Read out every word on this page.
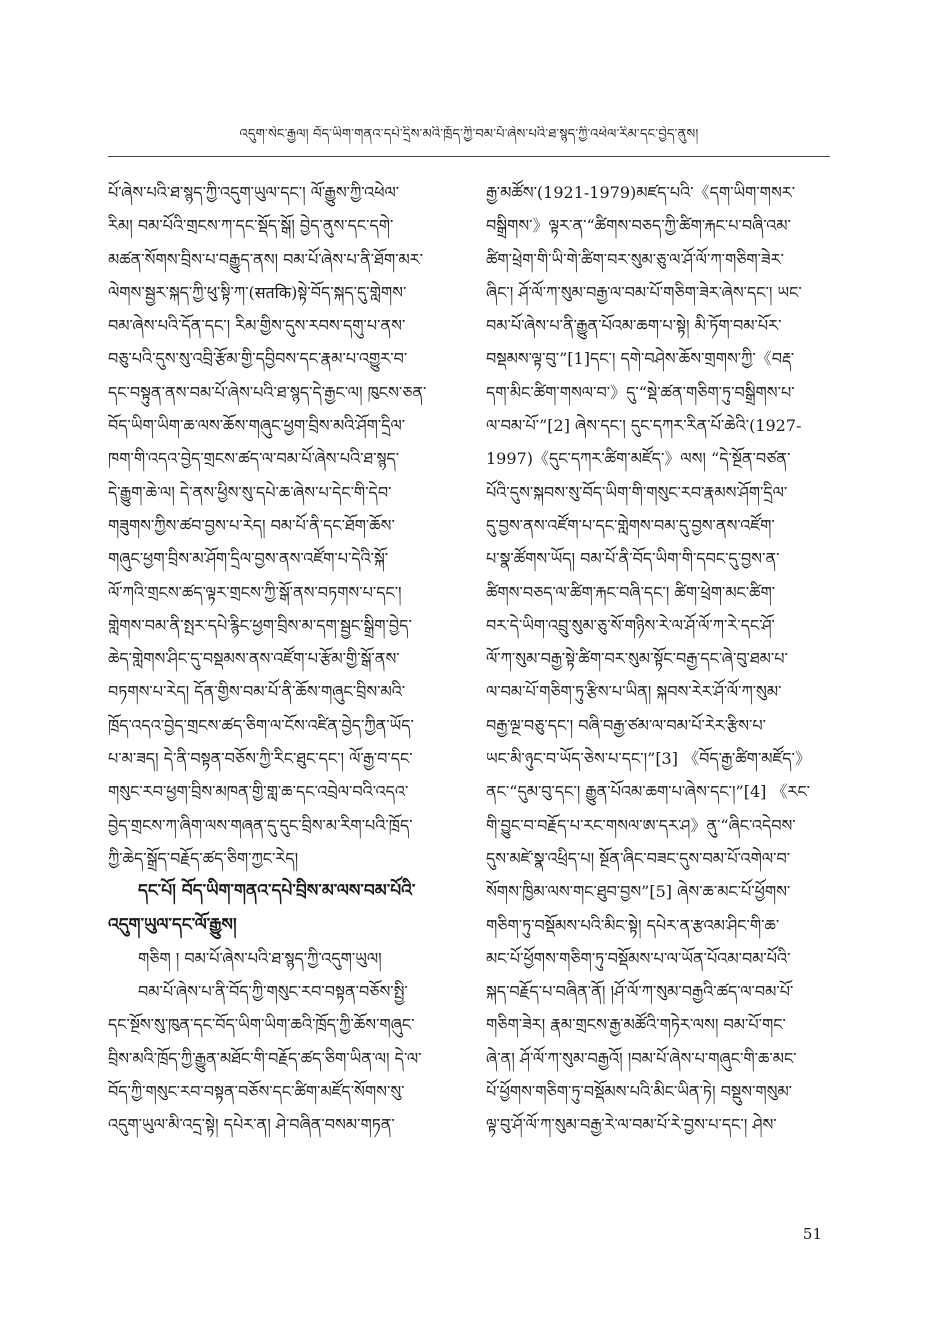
འདུག་སེང་རྒྱལ། བོད་ཡིག་གནའ་དཔེ་དྲིས་མའི་ཁྲོད་ཀྱི་བམ་པོ་ཞེས་པའི་ཐ་སྙད་ཀྱི་འཕེལ་རིམ་དང་བྱེད་ནུས།
པོ་ཞེས་པའི་ཐ་སྙད་ཀྱི་འདུག་ཡུལ་དང་། ལོ་རྒྱུས་ཀྱི་འཕེལ་
རིམ། བམ་པོའི་གྲངས་ཀ་དང་སྡོད་སྒོ། བྱེད་ནུས་དང་དགེ་
མཚན་སོགས་བྲིས་པ་བརྒྱུད་ནས། བམ་པོ་ཞེས་པ་ནི་ཐོག་མར་
ལེགས་སྦྱར་སྐད་ཀྱི་ཕུ་སྟི་ཀ་(सतकि)སྟེ་བོད་སྐད་དུ་གླེགས་
བམ་ཞེས་པའི་དོན་དང་། རིམ་གྱིས་དུས་རབས་དགུ་པ་ནས་
བཅུ་པའི་དུས་སུ་འབྲི་རྩོམ་གྱི་དབྱིབས་དང་རྣམ་པ་འགྱུར་བ་
དང་བསྟུན་ནས་བམ་པོ་ཞེས་པའི་ཐ་སྙད་དེ་རྒྱང་ལ། ཁུངས་ཅན་
བོད་ཡིག་ཡིག་ཆ་ལས་ཆོས་གཞུང་ཕྱག་བྲིས་མའི་ཤོག་དྲིལ་
ཁག་གི་འདའ་བྱེད་གྲངས་ཚད་ལ་བམ་པོ་ཞེས་པའི་ཐ་སྙད་
དེ་རྒྱུག་ཆེ་ལ། དེ་ནས་ཕྱིས་སུ་དཔེ་ཆ་ཞེས་པ་དེང་གི་དེབ་
གཟུགས་ཀྱིས་ཚབ་བྱས་པ་རེད། བམ་པོ་ནི་དང་ཐོག་ཆོས་
གཞུང་ཕྱག་བྲིས་མ་ཤོག་དྲིལ་བྱས་ནས་འཛོག་པ་དེའི་སྐོ་
ལོ་ཀའི་གྲངས་ཚད་ལྟར་གྲངས་ཀྱི་སྒོ་ནས་བཏགས་པ་དང་།
གླེགས་བམ་ནི་སྤར་དཔེ་རྙིང་ཕྱག་བྲིས་མ་དག་སྦྱང་སྒྲིག་བྱེད་
ཆེད་གླེགས་ཤིང་དུ་བསྡམས་ནས་འཛོག་པ་རྩོམ་གྱི་སྒོ་ནས་
བཏགས་པ་རེད། དོན་གྱིས་བམ་པོ་ནི་ཆོས་གཞུང་བྲིས་མའི་
ཁྲོད་འདའ་བྱེད་གྲངས་ཚད་ཅིག་ལ་ངོས་འཛིན་བྱེད་ཀྱིན་ཡོད་
པ་མ་ཟད། དེ་ནི་བསྟན་བཅོས་ཀྱི་རིང་ཐུང་དང་། ལོ་རྒྱ་བ་དང་
གསུང་རབ་ཕྱག་བྲིས་མཁན་གྱི་གླ་ཆ་དང་འབྲེལ་བའི་འདའ་
བྱེད་གྲངས་ཀ་ཞིག་ལས་གཞན་དུ་དུང་བྲིས་མ་རིག་པའི་ཁྲོད་
ཀྱི་ཆེད་སྒྲོད་བརྗོད་ཚད་ཅིག་ཀྱང་རེད།
དང་པོ། བོད་ཡིག་གནའ་དཔེ་བྲིས་མ་ལས་བམ་པོའི་
འདུག་ཡུལ་དང་ལོ་རྒྱུས།
གཅིག ། བམ་པོ་ཞེས་པའི་ཐ་སྙད་ཀྱི་འདུག་ཡུལ།
བམ་པོ་ཞེས་པ་ནི་བོད་ཀྱི་གསུང་རབ་བསྟན་བཅོས་སྤྱི་
དང་སྔོས་སུ་ཁུན་དང་བོད་ཡིག་ཡིག་ཆའི་ཁྲོད་ཀྱི་ཆོས་གཞུང་
བྲིས་མའི་ཁྲོད་ཀྱི་རྒྱུན་མཐོང་གི་བརྗོད་ཚད་ཅིག་ཡིན་ལ། དེ་ལ་
བོད་ཀྱི་གསུང་རབ་བསྟན་བཅོས་དང་ཚིག་མཛོད་སོགས་སུ་
འདུག་ཡུལ་མི་འདྲ་སྟེ། དཔེར་ན། ཤེ་བཞིན་བསམ་གཏན་
རྒྱ་མཚོས་(1921-1979)མཛད་པའི་《དག་ཡིག་གསར་
བསྒྲིགས་》ལྟར་ན་“ཚིགས་བཅད་ཀྱི་ཚིག་རྐང་པ་བཞི་འམ་
ཚིག་ཕྲེག་གི་ཡི་གེ་ཚིག་བར་སུམ་ཅུ་ལ་ཤོ་ལོ་ཀ་གཅིག་ཟེར་
ཞིང་། ཤོ་ལོ་ཀ་སུམ་བརྒྱ་ལ་བམ་པོ་གཅིག་ཟེར་ཞེས་དང་། ཡང་
བམ་པོ་ཞེས་པ་ནི་རྒྱུན་པོའམ་ཆག་པ་སྟེ། མི་ཏོག་བམ་པོར་
བསྡམས་ལྟ་བུ་”[1]དང་། དགེ་བཤེས་ཆོས་གྲགས་ཀྱི་《བརྡ་
དག་མིང་ཚིག་གསལ་བ་》དུ་“སྡེ་ཚན་གཅིག་ཏུ་བསྒྲིགས་པ་
ལ་བམ་པོ་”[2] ཞེས་དང་། དུང་དཀར་རིན་པོ་ཆེའི་(1927-
1997)《དུང་དཀར་ཚིག་མཛོད་》ལས། “དེ་སྔོན་བཙན་
པོའི་དུས་སྐབས་སུ་བོད་ཡིག་གི་གསུང་རབ་རྣམས་ཤོག་དྲིལ་
དུ་བྱས་ནས་འཛོག་པ་དང་གླེགས་བམ་དུ་བྱས་ནས་འཛོག་
པ་སྣ་ཚོགས་ཡོད། བམ་པོ་ནི་བོད་ཡིག་གི་དབང་དུ་བྱས་ན་
ཚིགས་བཅད་ལ་ཚིག་རྐང་བཞི་དང་། ཚིག་ཕྲེག་མང་ཚིག་
བར་དེ་ཡིག་འབྲུ་སུམ་ཅུ་སོ་གཉིས་རེ་ལ་ཤོ་ལོ་ཀ་རེ་དང་ཤོ་
ལོ་ཀ་སུམ་བརྒྱ་སྟེ་ཚིག་བར་སུམ་སྟོང་བརྒྱ་དང་ཞེ་བུ་ཐམ་པ་
ལ་བམ་པོ་གཅིག་ཏུ་རྩིས་པ་ཡིན། སྐབས་རེར་ཤོ་ལོ་ཀ་སུམ་
བརྒྱ་ལྔ་བཅུ་དང་། བཞི་བརྒྱ་ཙམ་ལ་བམ་པོ་རེར་རྩིས་པ་
ཡང་མི་ཉུང་བ་ཡོད་ཅེས་པ་དང་།”[3] 《བོད་རྒྱ་ཚིག་མཛོད་》
ནང་“དུམ་བུ་དང་། རྒྱུན་པོའམ་ཆག་པ་ཞེས་དང་།”[4] 《རང་
གི་བྱུང་བ་བརྗོད་པ་རང་གསལ་ཨ་དར་ཤ》ནུ་“ཞིང་འདེབས་
དུས་མཛེ་སྣ་འཕྲིད་པ། སྔོན་ཞིང་བཟང་དུས་བམ་པོ་འགེལ་བ་
སོགས་ཁྱིམ་ལས་གང་ཐུབ་བྱས”[5] ཞེས་ཆ་མང་པོ་ཕྱོགས་
གཅིག་ཏུ་བསྡོམས་པའི་མིང་སྟེ། དཔེར་ན་རྩའམ་ཤིང་གི་ཆ་
མང་པོ་ཕྱོགས་གཅིག་ཏུ་བསྡོམས་པ་ལ་ཡོན་པོའམ་བམ་པོའི་
སྐད་བརྗོད་པ་བཞིན་ནོ། །ཤོ་ལོ་ཀ་སུམ་བརྒྱའི་ཚད་ལ་བམ་པོ་
གཅིག་ཟེར། རྣམ་གྲངས་རྒྱ་མཚོའི་གཏེར་ལས། བམ་པོ་གང་
ཞེ་ན། ཤོ་ལོ་ཀ་སུམ་བརྒྱའོ། །བམ་པོ་ཞེས་པ་གཞུང་གི་ཆ་མང་
པོ་ཕྱོགས་གཅིག་ཏུ་བསྡོམས་པའི་མིང་ཡིན་ཏེ། བསྡུས་གསུམ་
ལྟ་བུ་ཤོ་ལོ་ཀ་སུམ་བརྒྱ་རེ་ལ་བམ་པོ་རེ་བྱས་པ་དང་། ཤེས་
51
